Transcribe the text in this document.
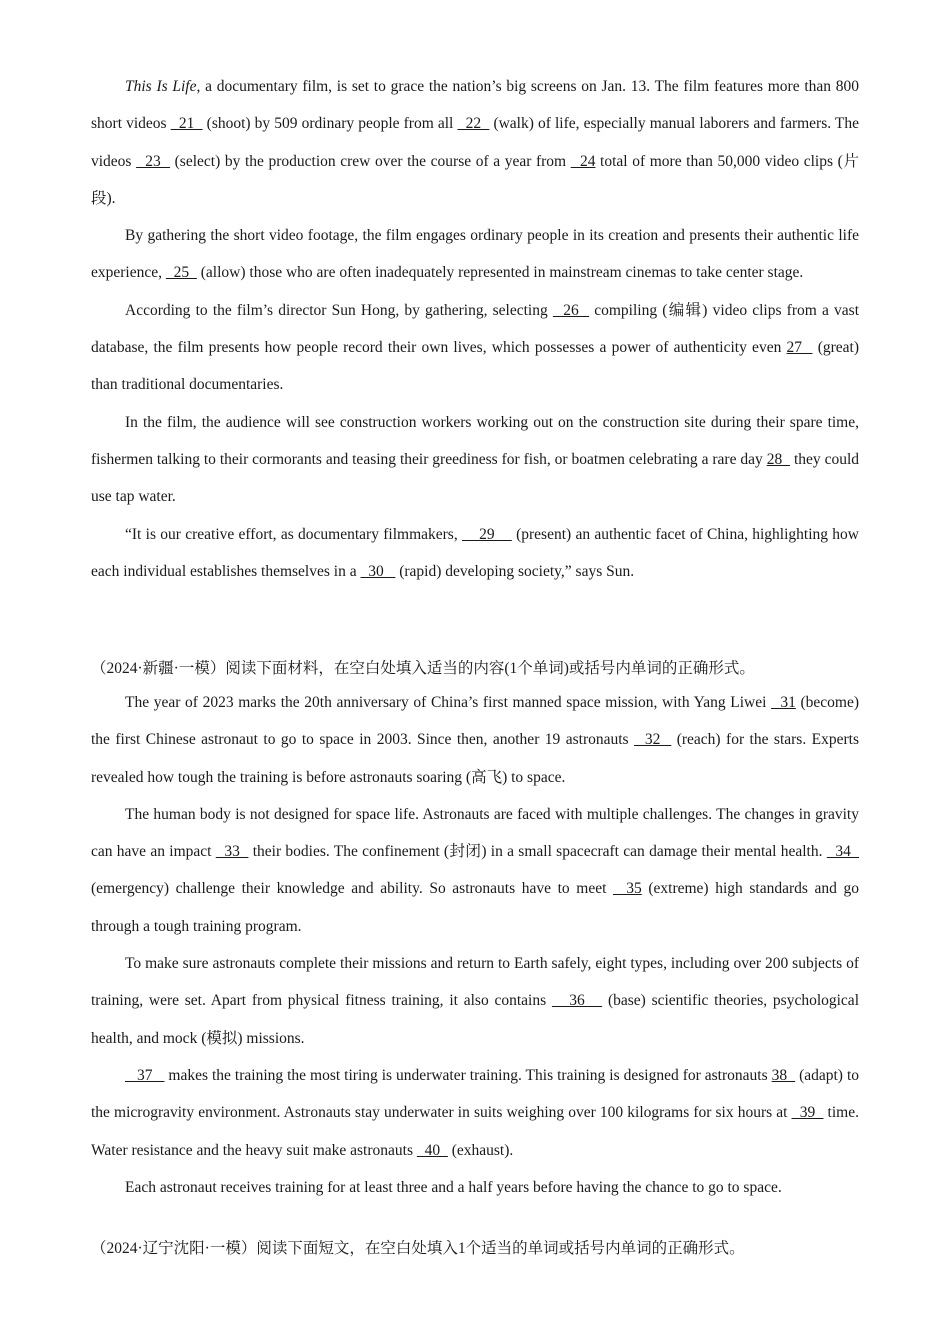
This Is Life, a documentary film, is set to grace the nation’s big screens on Jan. 13. The film features more than 800 short videos   21   (shoot) by 509 ordinary people from all   22   (walk) of life, especially manual laborers and farmers. The videos   23   (select) by the production crew over the course of a year from   24 total of more than 50,000 video clips (片段).

By gathering the short video footage, the film engages ordinary people in its creation and presents their authentic life experience,   25   (allow) those who are often inadequately represented in mainstream cinemas to take center stage.

According to the film’s director Sun Hong, by gathering, selecting   26   compiling (编辑) video clips from a vast database, the film presents how people record their own lives, which possesses a power of authenticity even 27   (great) than traditional documentaries.

In the film, the audience will see construction workers working out on the construction site during their spare time, fishermen talking to their cormorants and teasing their greediness for fish, or boatmen celebrating a rare day 28   they could use tap water.

“It is our creative effort, as documentary filmmakers,     29     (present) an authentic facet of China, highlighting how each individual establishes themselves in a   30    (rapid) developing society,” says Sun.

（2024·新疆·一模）阅读下面材料，在空白处填入适当的内容(1个单词)或括号内单词的正确形式。

The year of 2023 marks the 20th anniversary of China’s first manned space mission, with Yang Liwei   31 (become) the first Chinese astronaut to go to space in 2003. Since then, another 19 astronauts   32   (reach) for the stars. Experts revealed how tough the training is before astronauts soaring (高飞) to space.

The human body is not designed for space life. Astronauts are faced with multiple challenges. The changes in gravity can have an impact   33   their bodies. The confinement (封闭) in a small spacecraft can damage their mental health.   34   (emergency) challenge their knowledge and ability. So astronauts have to meet   35 (extreme) high standards and go through a tough training program.

To make sure astronauts complete their missions and return to Earth safely, eight types, including over 200 subjects of training, were set. Apart from physical fitness training, it also contains    36    (base) scientific theories, psychological health, and mock (模拟) missions.

37    makes the training the most tiring is underwater training. This training is designed for astronauts 38   (adapt) to the microgravity environment. Astronauts stay underwater in suits weighing over 100 kilograms for six hours at   39   time. Water resistance and the heavy suit make astronauts   40   (exhaust).

Each astronaut receives training for at least three and a half years before having the chance to go to space.

（2024·辽宁沈阳·一模）阅读下面短文，在空白处填入1个适当的单词或括号内单词的正确形式。
